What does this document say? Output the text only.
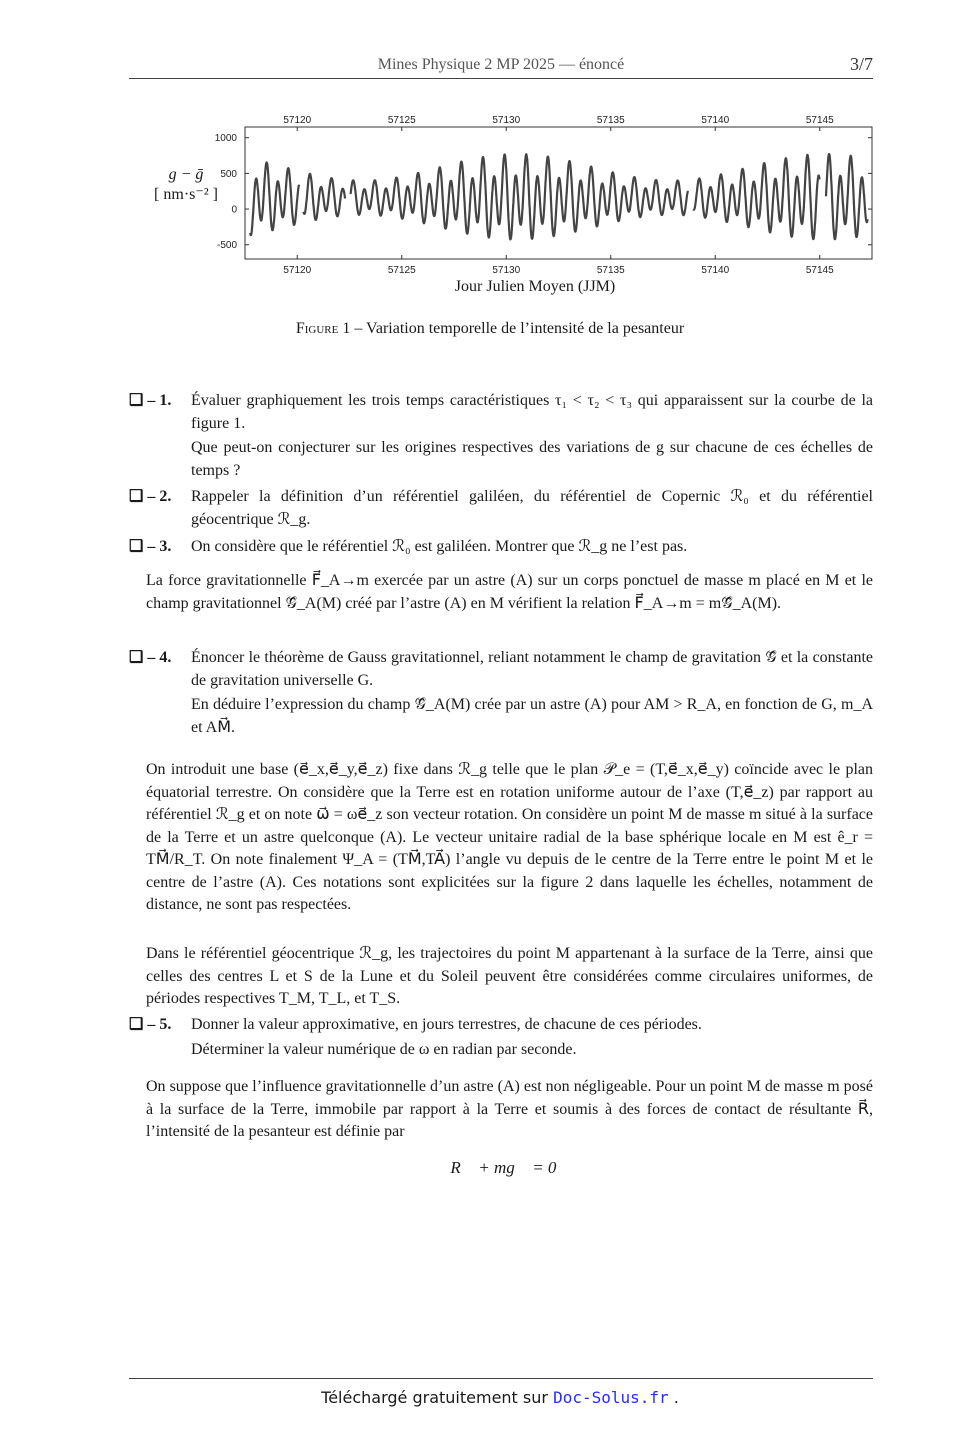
Mines Physique 2 MP 2025 — énoncé	3/7
g − ḡ
[ nm·s⁻² ]
57120
57120
57125
57125
57130
57130
57135
57135
57140
57140
57145
57145
1000
500
0
-500
Jour Julien Moyen (JJM)
Figure 1 – Variation temporelle de l’intensité de la pesanteur
❑ – 1. Évaluer graphiquement les trois temps caractéristiques τ₁ < τ₂ < τ₃ qui apparaissent sur la courbe de la figure 1.
Que peut-on conjecturer sur les origines respectives des variations de g sur chacune de ces échelles de temps ?
❑ – 2. Rappeler la définition d’un référentiel galiléen, du référentiel de Copernic ℛ₀ et du référentiel géocentrique ℛ_g.
❑ – 3. On considère que le référentiel ℛ₀ est galiléen. Montrer que ℛ_g ne l’est pas.
La force gravitationnelle F⃗_A→m exercée par un astre (A) sur un corps ponctuel de masse m placé en M et le champ gravitationnel 𝒢⃗_A(M) créé par l’astre (A) en M vérifient la relation F⃗_A→m = m𝒢⃗_A(M).
❑ – 4. Énoncer le théorème de Gauss gravitationnel, reliant notamment le champ de gravitation 𝒢⃗ et la constante de gravitation universelle G.
En déduire l’expression du champ 𝒢⃗_A(M) crée par un astre (A) pour AM > R_A, en fonction de G, m_A et AM⃗.
On introduit une base (e⃗_x,e⃗_y,e⃗_z) fixe dans ℛ_g telle que le plan 𝒫_e = (T,e⃗_x,e⃗_y) coïncide avec le plan équatorial terrestre. On considère que la Terre est en rotation uniforme autour de l’axe (T,e⃗_z) par rapport au référentiel ℛ_g et on note ω⃗ = ωe⃗_z son vecteur rotation. On considère un point M de masse m situé à la surface de la Terre et un astre quelconque (A). Le vecteur unitaire radial de la base sphérique locale en M est ê_r = TM⃗/R_T. On note finalement Ψ_A = (TM⃗,TA⃗) l’angle vu depuis de le centre de la Terre entre le point M et le centre de l’astre (A). Ces notations sont explicitées sur la figure 2 dans laquelle les échelles, notamment de distance, ne sont pas respectées.
Dans le référentiel géocentrique ℛ_g, les trajectoires du point M appartenant à la surface de la Terre, ainsi que celles des centres L et S de la Lune et du Soleil peuvent être considérées comme circulaires uniformes, de périodes respectives T_M, T_L, et T_S.
❑ – 5. Donner la valeur approximative, en jours terrestres, de chacune de ces périodes.
Déterminer la valeur numérique de ω en radian par seconde.
On suppose que l’influence gravitationnelle d’un astre (A) est non négligeable. Pour un point M de masse m posé à la surface de la Terre, immobile par rapport à la Terre et soumis à des forces de contact de résultante R⃗, l’intensité de la pesanteur est définie par
R⃗ + mg⃗ = 0⃗
Téléchargé gratuitement sur Doc-Solus.fr .
